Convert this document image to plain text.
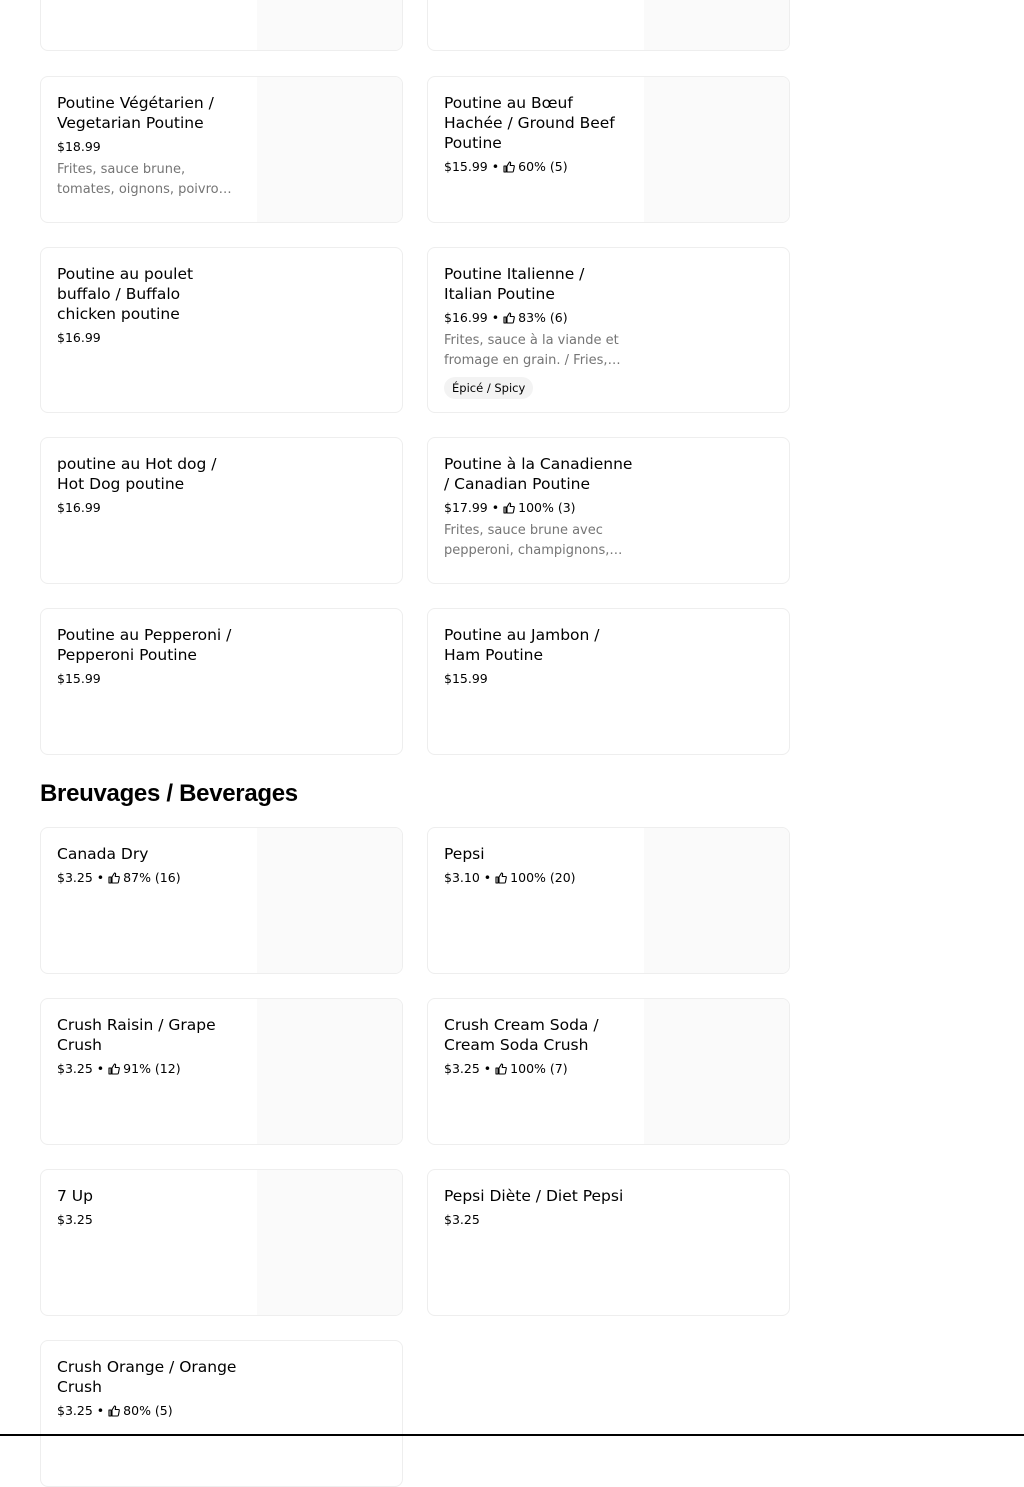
Poutine Végétarien / Vegetarian Poutine

$18.99
Frites, sauce brune, tomates, oignons, poivrons

Poutine au Bœuf Hachée / Ground Beef Poutine

$15.99 • 60% (5)

Poutine au poulet buffalo / Buffalo chicken poutine

$16.99

Poutine Italienne / Italian Poutine

$16.99 • 83% (6)
Frites, sauce à la viande et fromage en grain. / Fries,
Épicé / Spicy

poutine au Hot dog / Hot Dog poutine

$16.99

Poutine à la Canadienne / Canadian Poutine

$17.99 • 100% (3)
Frites, sauce brune avec pepperoni, champignons,

Poutine au Pepperoni / Pepperoni Poutine

$15.99

Poutine au Jambon / Ham Poutine

$15.99
Breuvages / Beverages

Canada Dry

$3.25 • 87% (16)

Pepsi

$3.10 • 100% (20)

Crush Raisin / Grape Crush

$3.25 • 91% (12)

Crush Cream Soda / Cream Soda Crush

$3.25 • 100% (7)

7 Up

$3.25

Pepsi Diète / Diet Pepsi

$3.25

Crush Orange / Orange Crush

$3.25 • 80% (5)
